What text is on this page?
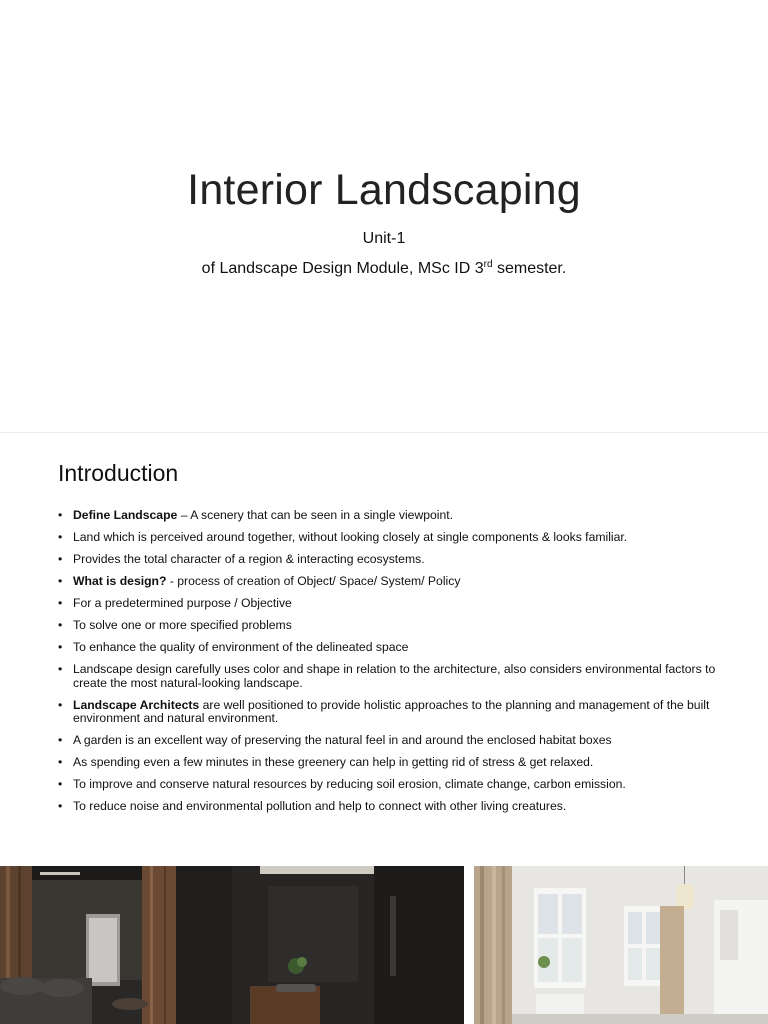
Interior Landscaping
Unit-1
of Landscape Design Module, MSc ID 3rd semester.
Introduction
• Define Landscape – A scenery that can be seen in a single viewpoint.
• Land which is perceived around together, without looking closely at single components & looks familiar.
• Provides the total character of a region & interacting ecosystems.
• What is design? - process of creation of Object/ Space/ System/ Policy
• For a predetermined purpose / Objective
• To solve one or more specified problems
• To enhance the quality of environment of the delineated space
• Landscape design carefully uses color and shape in relation to the architecture, also considers environmental factors to create the most natural-looking landscape.
• Landscape Architects are well positioned to provide holistic approaches to the planning and management of the built environment and natural environment.
• A garden is an excellent way of preserving the natural feel in and around the enclosed habitat boxes
• As spending even a few minutes in these greenery can help in getting rid of stress & get relaxed.
• To improve and conserve natural resources by reducing soil erosion, climate change, carbon emission.
• To reduce noise and environmental pollution and help to connect with other living creatures.
